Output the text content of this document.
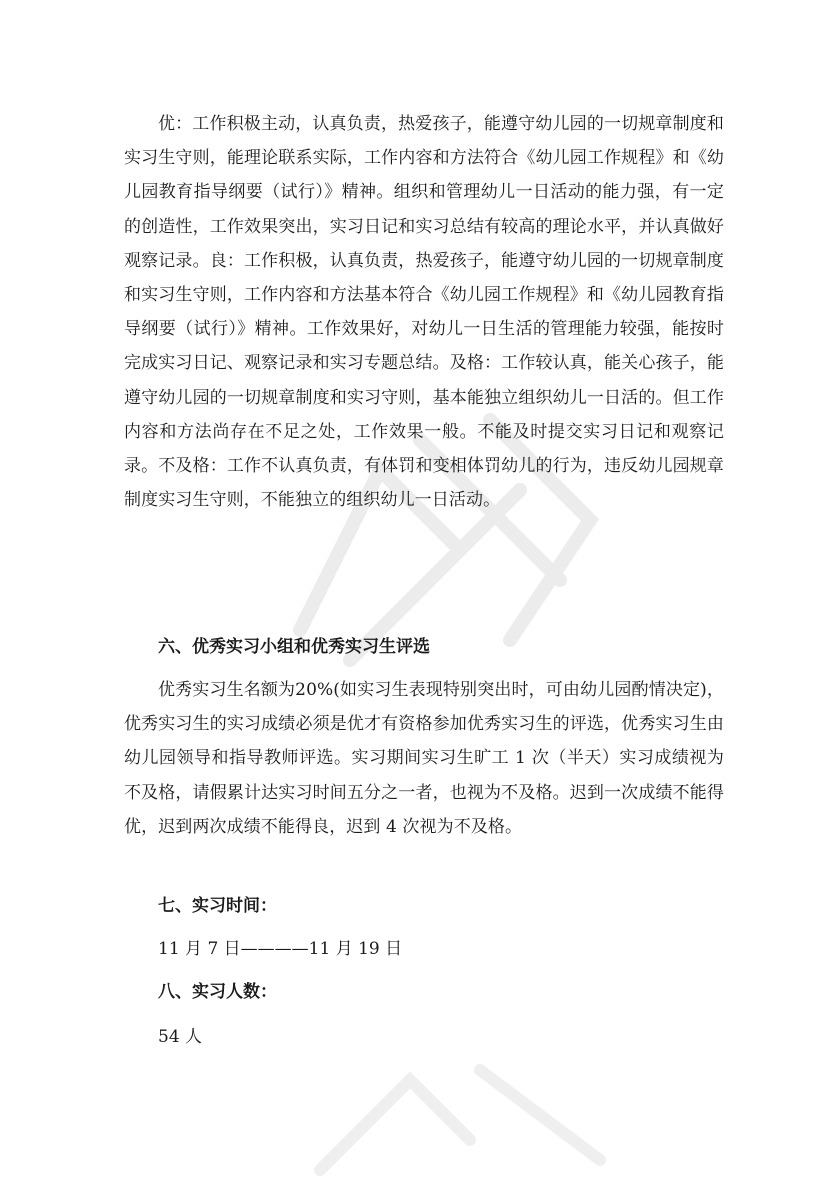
优：工作积极主动，认真负责，热爱孩子，能遵守幼儿园的一切规章制度和实习生守则，能理论联系实际，工作内容和方法符合《幼儿园工作规程》和《幼儿园教育指导纲要（试行）》精神。组织和管理幼儿一日活动的能力强，有一定的创造性，工作效果突出，实习日记和实习总结有较高的理论水平，并认真做好观察记录。良：工作积极，认真负责，热爱孩子，能遵守幼儿园的一切规章制度和实习生守则，工作内容和方法基本符合《幼儿园工作规程》和《幼儿园教育指导纲要（试行）》精神。工作效果好，对幼儿一日生活的管理能力较强，能按时完成实习日记、观察记录和实习专题总结。及格：工作较认真，能关心孩子，能遵守幼儿园的一切规章制度和实习守则，基本能独立组织幼儿一日活的。但工作内容和方法尚存在不足之处，工作效果一般。不能及时提交实习日记和观察记录。不及格：工作不认真负责，有体罚和变相体罚幼儿的行为，违反幼儿园规章制度实习生守则，不能独立的组织幼儿一日活动。

六、优秀实习小组和优秀实习生评选

优秀实习生名额为20%(如实习生表现特别突出时，可由幼儿园酌情决定)，优秀实习生的实习成绩必须是优才有资格参加优秀实习生的评选，优秀实习生由幼儿园领导和指导教师评选。实习期间实习生旷工 1 次（半天）实习成绩视为不及格，请假累计达实习时间五分之一者，也视为不及格。迟到一次成绩不能得优，迟到两次成绩不能得良，迟到 4 次视为不及格。

七、实习时间：

11 月 7 日————11 月 19 日

八、实习人数：

54 人
